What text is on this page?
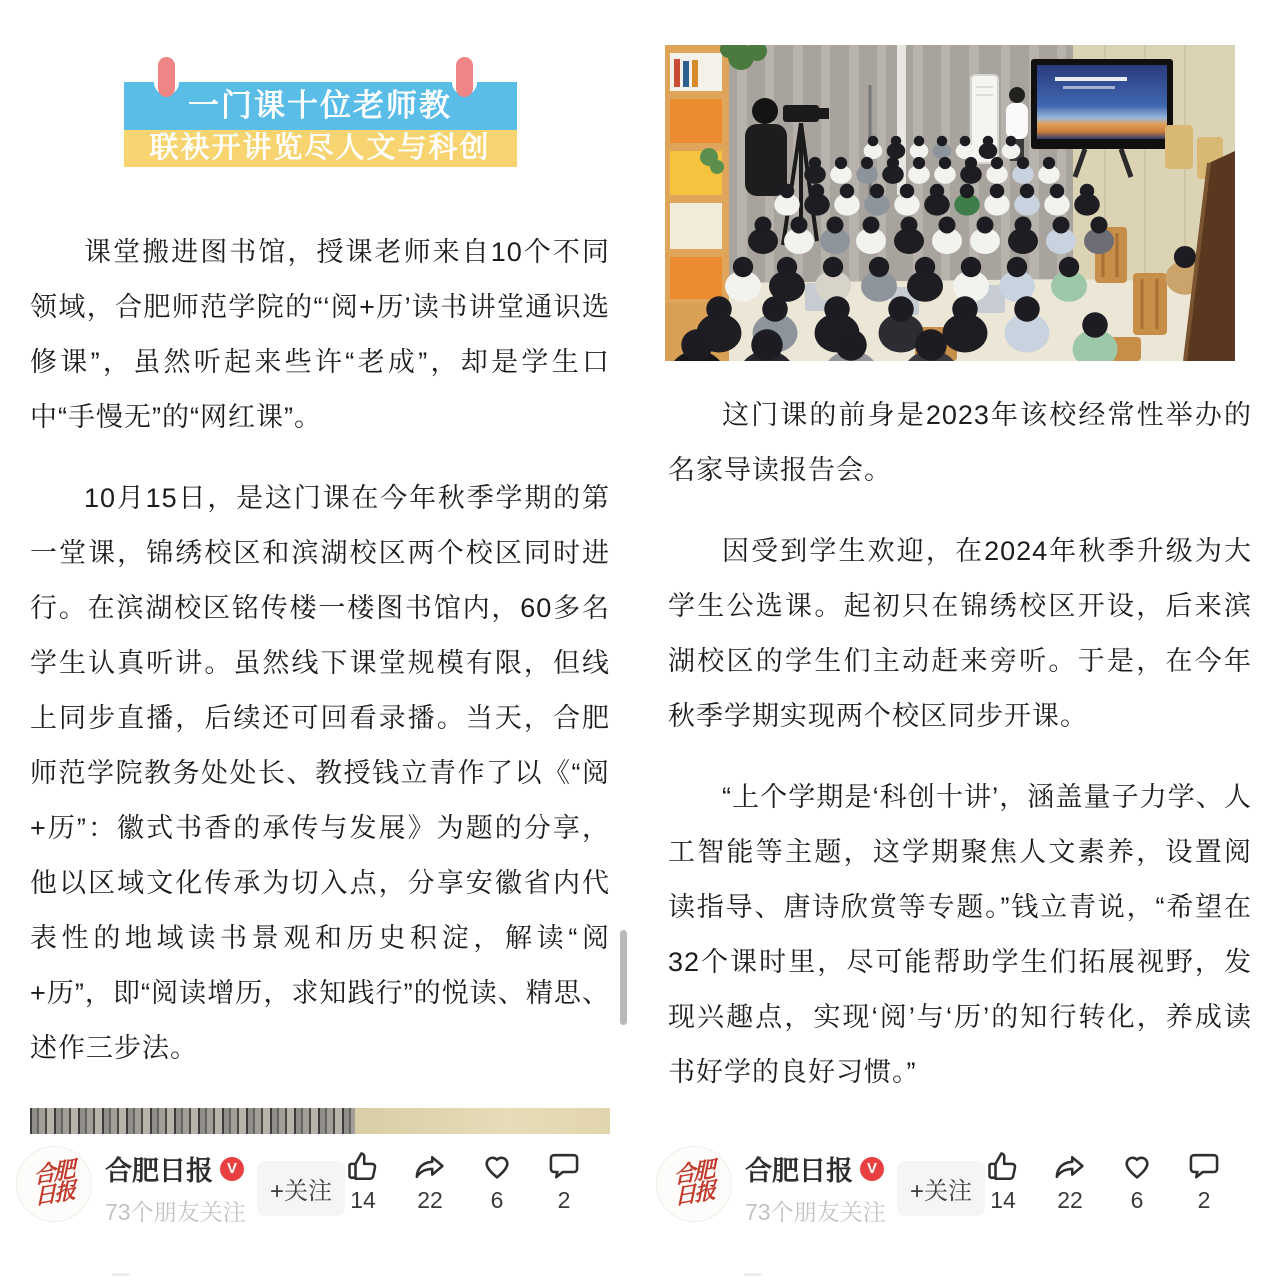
一门课十位老师教
联袂开讲览尽人文与科创

课堂搬进图书馆，授课老师来自10个不同领域，合肥师范学院的“‘阅+历’读书讲堂通识选修课”，虽然听起来些许“老成”，却是学生口中“手慢无”的“网红课”。

10月15日，是这门课在今年秋季学期的第一堂课，锦绣校区和滨湖校区两个校区同时进行。在滨湖校区铭传楼一楼图书馆内，60多名学生认真听讲。虽然线下课堂规模有限，但线上同步直播，后续还可回看录播。当天，合肥师范学院教务处处长、教授钱立青作了以《“阅+历”：徽式书香的承传与发展》为题的分享，他以区域文化传承为切入点，分享安徽省内代表性的地域读书景观和历史积淀，解读“阅+历”，即“阅读增历，求知践行”的悦读、精思、述作三步法。

合肥日报
合肥日报 V
73个朋友关注
+关注 14 22 6 2

这门课的前身是2023年该校经常性举办的名家导读报告会。

因受到学生欢迎，在2024年秋季升级为大学生公选课。起初只在锦绣校区开设，后来滨湖校区的学生们主动赶来旁听。于是，在今年秋季学期实现两个校区同步开课。

“上个学期是‘科创十讲’，涵盖量子力学、人工智能等主题，这学期聚焦人文素养，设置阅读指导、唐诗欣赏等专题。”钱立青说，“希望在32个课时里，尽可能帮助学生们拓展视野，发现兴趣点，实现‘阅’与‘历’的知行转化，养成读书好学的良好习惯。”

合肥日报
合肥日报 V
73个朋友关注
+关注 14 22 6 2
